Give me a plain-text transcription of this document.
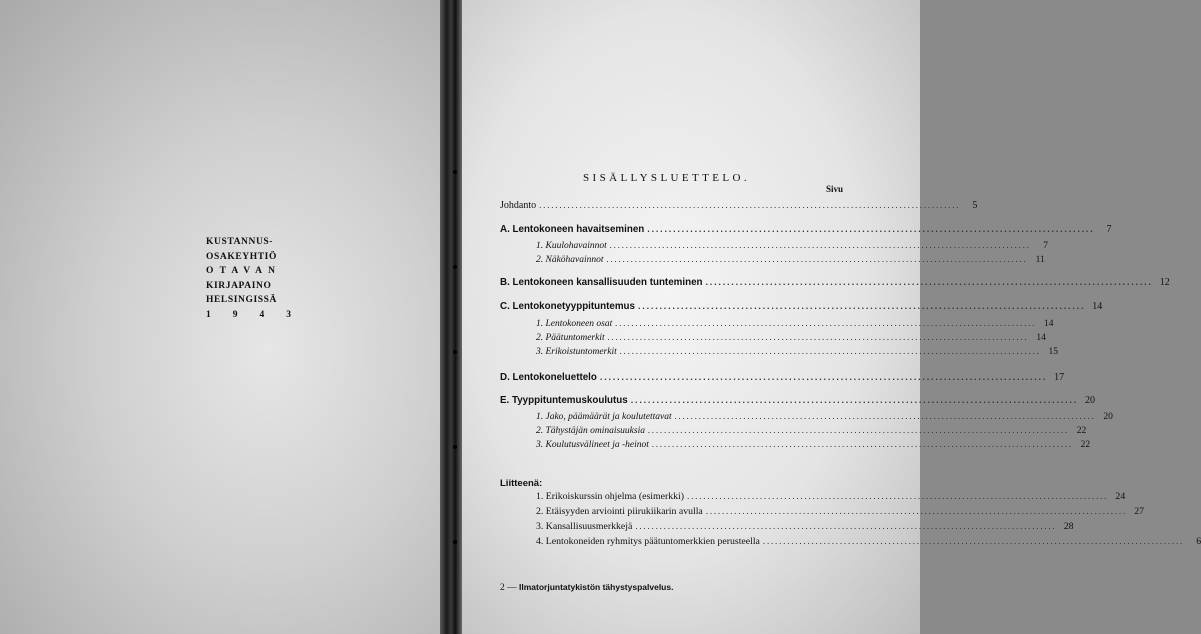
KUSTANNUS-
OSAKEYHTIÖ
OTAVAN
KIRJAPAINO
HELSINGISSÄ
1943
SISÄLLYSLUETTELO.
Sivu
Johdanto ........................................................................................................	5
A. Lentokoneen havaitseminen ........................................................................................................	7
1. Kuulohavainnot ........................................................................................................	7
2. Näköhavainnot ........................................................................................................ 11
B. Lentokoneen kansallisuuden tunteminen ........................................................................................................ 12
C. Lentokonetyyppituntemus ........................................................................................................ 14
1. Lentokoneen osat ........................................................................................................ 14
2. Päätuntomerkit ........................................................................................................ 14
3. Erikoistuntomerkit ........................................................................................................ 15
D. Lentokoneluettelo ........................................................................................................ 17
E. Tyyppituntemuskoulutus ........................................................................................................ 20
1. Jako, päämäärät ja koulutettavat ........................................................................................................ 20
2. Tähystäjän ominaisuuksia ........................................................................................................ 22
3. Koulutusvälineet ja -heinot ........................................................................................................ 22
Liitteenä:
1. Erikoiskurssin ohjelma (esimerkki) ........................................................................................................ 24
2. Etäisyyden arviointi piirukiikarin avulla ........................................................................................................ 27
3. Kansallisuusmerkkejä ........................................................................................................ 28
4. Lentokoneiden ryhmitys päätuntomerkkien perusteella ........................................................................................................	6
2 — Ilmatorjuntatykistön tähystyspalvelus.
